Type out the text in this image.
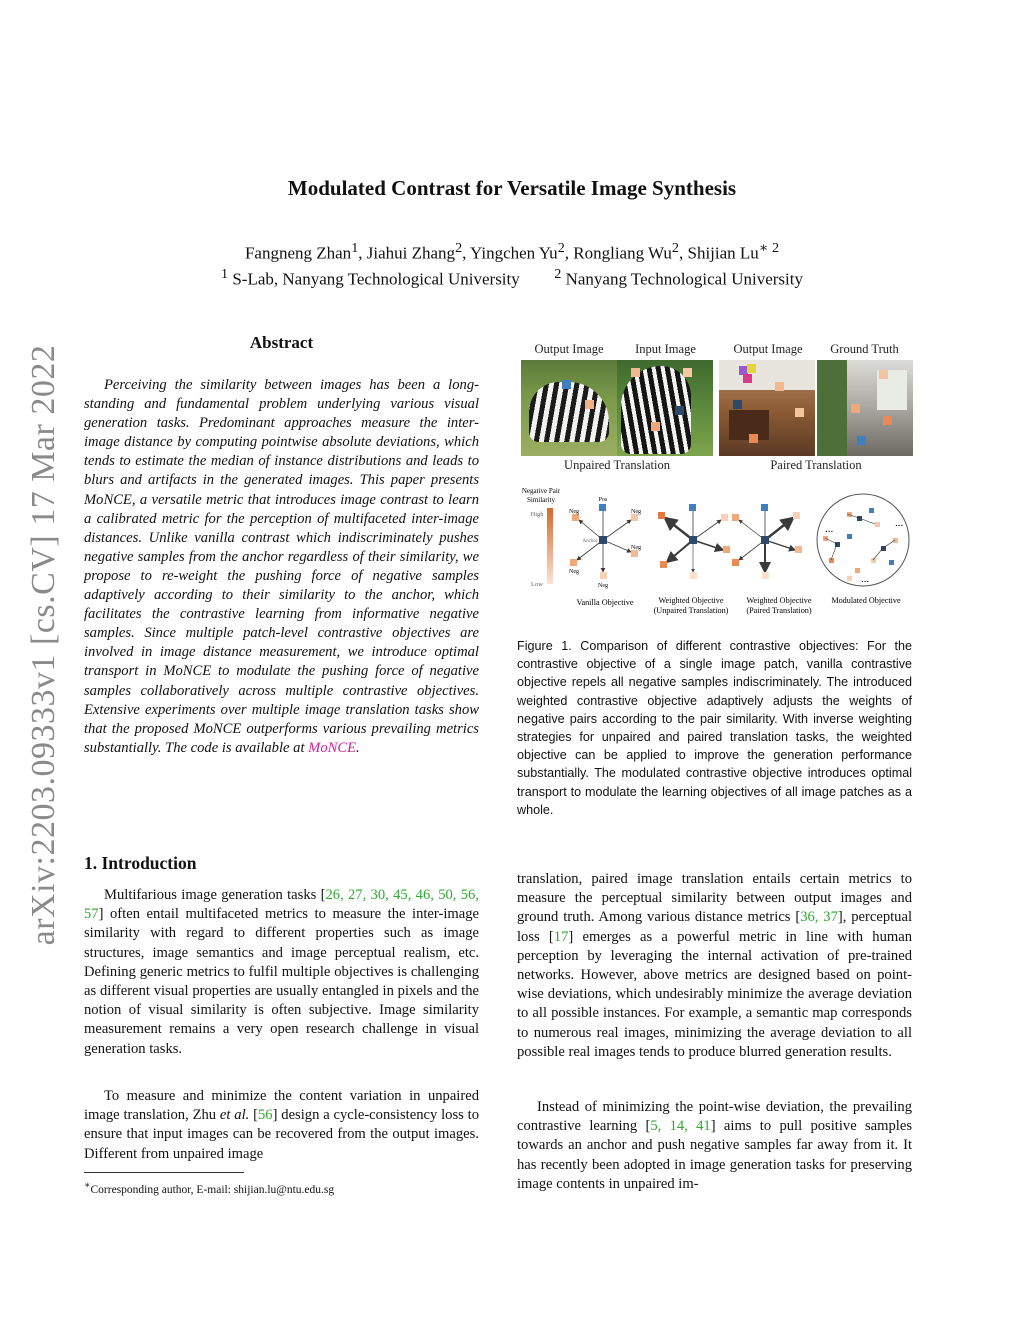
arXiv:2203.09333v1 [cs.CV] 17 Mar 2022
Modulated Contrast for Versatile Image Synthesis
Fangneng Zhan$^1$, Jiahui Zhang$^2$, Yingchen Yu$^2$, Rongliang Wu$^2$, Shijian $Lu^{∗ 2}$
$^1$ S-Lab, Nanyang Technological University $^2$ Nanyang Technological University
Abstract
Perceiving the similarity between images has been a long-standing and fundamental problem underlying various visual generation tasks. Predominant approaches measure the inter-image distance by computing pointwise absolute deviations, which tends to estimate the median of instance distributions and leads to blurs and artifacts in the generated images. This paper presents MoNCE, a versatile metric that introduces image contrast to learn a calibrated metric for the perception of multifaceted inter-image distances. Unlike vanilla contrast which indiscriminately pushes negative samples from the anchor regardless of their similarity, we propose to re-weight the pushing force of negative samples adaptively according to their similarity to the anchor, which facilitates the contrastive learning from informative negative samples. Since multiple patch-level contrastive objectives are involved in image distance measurement, we introduce optimal transport in MoNCE to modulate the pushing force of negative samples collaboratively across multiple contrastive objectives. Extensive experiments over multiple image translation tasks show that the proposed MoNCE outperforms various prevailing metrics substantially. The code is available at MoNCE.
Output Image	Input Image	Output Image	Ground Truth
Unpaired Translation	Paired Translation
Negative Pair
Similarity
High
Low
Pos
Neg	Neg
Neg
Neg
Neg
Anchor
...
...
...
Vanilla Objective	Weighted Objective
(Unpaired Translation)
Weighted Objective
(Paired Translation)
Modulated Objective
Figure 1. Comparison of different contrastive objectives: For the contrastive objective of a single image patch, vanilla contrastive objective repels all negative samples indiscriminately. The introduced weighted contrastive objective adaptively adjusts the weights of negative pairs according to the pair similarity. With inverse weighting strategies for unpaired and paired translation tasks, the weighted objective can be applied to improve the generation performance substantially. The modulated contrastive objective introduces optimal transport to modulate the learning objectives of all image patches as a whole.
1. Introduction
Multifarious image generation tasks [26, 27, 30, 45, 46, 50, 56, 57] often entail multifaceted metrics to measure the inter-image similarity with regard to different properties such as image structures, image semantics and image perceptual realism, etc. Defining generic metrics to fulfil multiple objectives is challenging as different visual properties are usually entangled in pixels and the notion of visual similarity is often subjective. Image similarity measurement remains a very open research challenge in visual generation tasks.
To measure and minimize the content variation in unpaired image translation, Zhu et al. [56] design a cycle-consistency loss to ensure that input images can be recovered from the output images. Different from unpaired image
translation, paired image translation entails certain metrics to measure the perceptual similarity between output images and ground truth. Among various distance metrics [36, 37], perceptual loss [17] emerges as a powerful metric in line with human perception by leveraging the internal activation of pre-trained networks. However, above metrics are designed based on point-wise deviations, which undesirably minimize the average deviation to all possible instances. For example, a semantic map corresponds to numerous real images, minimizing the average deviation to all possible real images tends to produce blurred generation results.
Instead of minimizing the point-wise deviation, the prevailing contrastive learning [5, 14, 41] aims to pull positive samples towards an anchor and push negative samples far away from it. It has recently been adopted in image generation tasks for preserving image contents in unpaired im-
∗Corresponding author, E-mail: shijian.lu@ntu.edu.sg
